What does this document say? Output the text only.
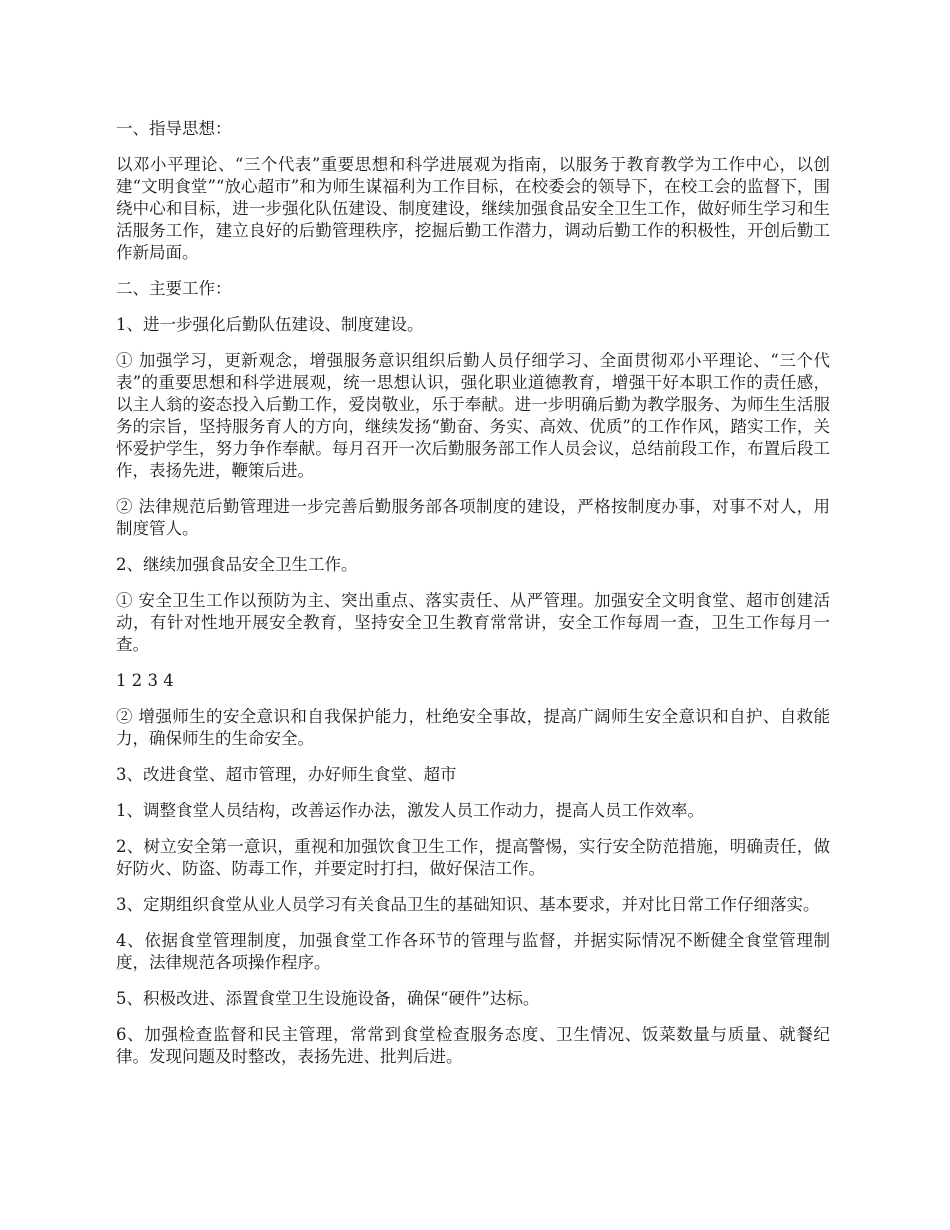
一、指导思想：

以邓小平理论、“三个代表”重要思想和科学进展观为指南，以服务于教育教学为工作中心，以创建“文明食堂”“放心超市”和为师生谋福利为工作目标，在校委会的领导下，在校工会的监督下，围绕中心和目标，进一步强化队伍建设、制度建设，继续加强食品安全卫生工作，做好师生学习和生活服务工作，建立良好的后勤管理秩序，挖掘后勤工作潜力，调动后勤工作的积极性，开创后勤工作新局面。

二、主要工作：

1、进一步强化后勤队伍建设、制度建设。

① 加强学习，更新观念，增强服务意识组织后勤人员仔细学习、全面贯彻邓小平理论、“三个代表”的重要思想和科学进展观，统一思想认识，强化职业道德教育，增强干好本职工作的责任感，以主人翁的姿态投入后勤工作，爱岗敬业，乐于奉献。进一步明确后勤为教学服务、为师生生活服务的宗旨，坚持服务育人的方向，继续发扬“勤奋、务实、高效、优质”的工作作风，踏实工作，关怀爱护学生，努力争作奉献。每月召开一次后勤服务部工作人员会议，总结前段工作，布置后段工作，表扬先进，鞭策后进。

② 法律规范后勤管理进一步完善后勤服务部各项制度的建设，严格按制度办事，对事不对人，用制度管人。

2、继续加强食品安全卫生工作。

① 安全卫生工作以预防为主、突出重点、落实责任、从严管理。加强安全文明食堂、超市创建活动，有针对性地开展安全教育，坚持安全卫生教育常常讲，安全工作每周一查，卫生工作每月一查。

1 2 3 4

② 增强师生的安全意识和自我保护能力，杜绝安全事故，提高广阔师生安全意识和自护、自救能力，确保师生的生命安全。

3、改进食堂、超市管理，办好师生食堂、超市

1、调整食堂人员结构，改善运作办法，激发人员工作动力，提高人员工作效率。

2、树立安全第一意识，重视和加强饮食卫生工作，提高警惕，实行安全防范措施，明确责任，做好防火、防盗、防毒工作，并要定时打扫，做好保洁工作。

3、定期组织食堂从业人员学习有关食品卫生的基础知识、基本要求，并对比日常工作仔细落实。

4、依据食堂管理制度，加强食堂工作各环节的管理与监督，并据实际情况不断健全食堂管理制度，法律规范各项操作程序。

5、积极改进、添置食堂卫生设施设备，确保“硬件”达标。

6、加强检查监督和民主管理，常常到食堂检查服务态度、卫生情况、饭菜数量与质量、就餐纪律。发现问题及时整改，表扬先进、批判后进。
